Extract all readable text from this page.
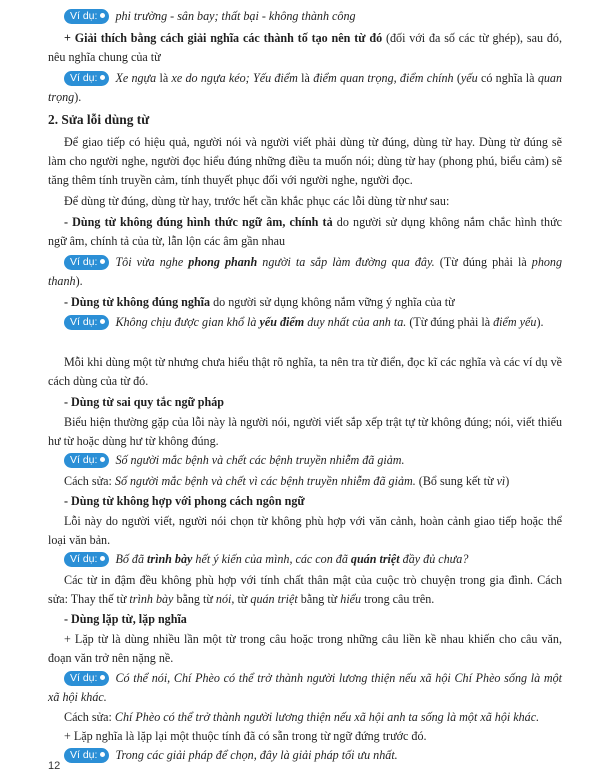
Ví dụ: phi trường - sân bay; thất bại - không thành công

+ Giải thích bằng cách giải nghĩa các thành tố tạo nên từ đó (đối với đa số các từ ghép), sau đó, nêu nghĩa chung của từ

Ví dụ: Xe ngựa là xe do ngựa kéo; Yếu điểm là điểm quan trọng, điểm chính (yếu có nghĩa là quan trọng).

2. Sửa lỗi dùng từ

Để giao tiếp có hiệu quả, người nói và người viết phải dùng từ đúng, dùng từ hay. Dùng từ đúng sẽ làm cho người nghe, người đọc hiểu đúng những điều ta muốn nói; dùng từ hay (phong phú, biểu cảm) sẽ tăng thêm tính truyền cảm, tính thuyết phục đối với người nghe, người đọc.

Để dùng từ đúng, dùng từ hay, trước hết cần khắc phục các lỗi dùng từ như sau:

- Dùng từ không đúng hình thức ngữ âm, chính tả do người sử dụng không nắm chắc hình thức ngữ âm, chính tả của từ, lẫn lộn các âm gần nhau

Ví dụ: Tôi vừa nghe phong phanh người ta sắp làm đường qua đây. (Từ đúng phải là phong thanh).

- Dùng từ không đúng nghĩa do người sử dụng không nắm vững ý nghĩa của từ

Ví dụ: Không chịu được gian khổ là yếu điểm duy nhất của anh ta. (Từ đúng phải là điểm yếu).

Mỗi khi dùng một từ nhưng chưa hiểu thật rõ nghĩa, ta nên tra từ điển, đọc kĩ các nghĩa và các ví dụ về cách dùng của từ đó.

- Dùng từ sai quy tắc ngữ pháp

Biểu hiện thường gặp của lỗi này là người nói, người viết sắp xếp trật tự từ không đúng; nói, viết thiếu hư từ hoặc dùng hư từ không đúng.

Ví dụ: Số người mắc bệnh và chết các bệnh truyền nhiễm đã giảm.

Cách sửa: Số người mắc bệnh và chết vì các bệnh truyền nhiễm đã giảm. (Bổ sung kết từ vì)

- Dùng từ không hợp với phong cách ngôn ngữ

Lỗi này do người viết, người nói chọn từ không phù hợp với văn cảnh, hoàn cảnh giao tiếp hoặc thể loại văn bản.

Ví dụ: Bố đã trình bày hết ý kiến của mình, các con đã quán triệt đầy đủ chưa?

Các từ in đậm đều không phù hợp với tính chất thân mật của cuộc trò chuyện trong gia đình. Cách sửa: Thay thế từ trình bày bằng từ nói, từ quán triệt bằng từ hiểu trong câu trên.

- Dùng lặp từ, lặp nghĩa

+ Lặp từ là dùng nhiều lần một từ trong câu hoặc trong những câu liền kề nhau khiến cho câu văn, đoạn văn trở nên nặng nề.

Ví dụ: Có thể nói, Chí Phèo có thể trở thành người lương thiện nếu xã hội Chí Phèo sống là một xã hội khác.

Cách sửa: Chí Phèo có thể trở thành người lương thiện nếu xã hội anh ta sống là một xã hội khác.

+ Lặp nghĩa là lặp lại một thuộc tính đã có sẵn trong từ ngữ đứng trước đó.

Ví dụ: Trong các giải pháp để chọn, đây là giải pháp tối ưu nhất.

12
